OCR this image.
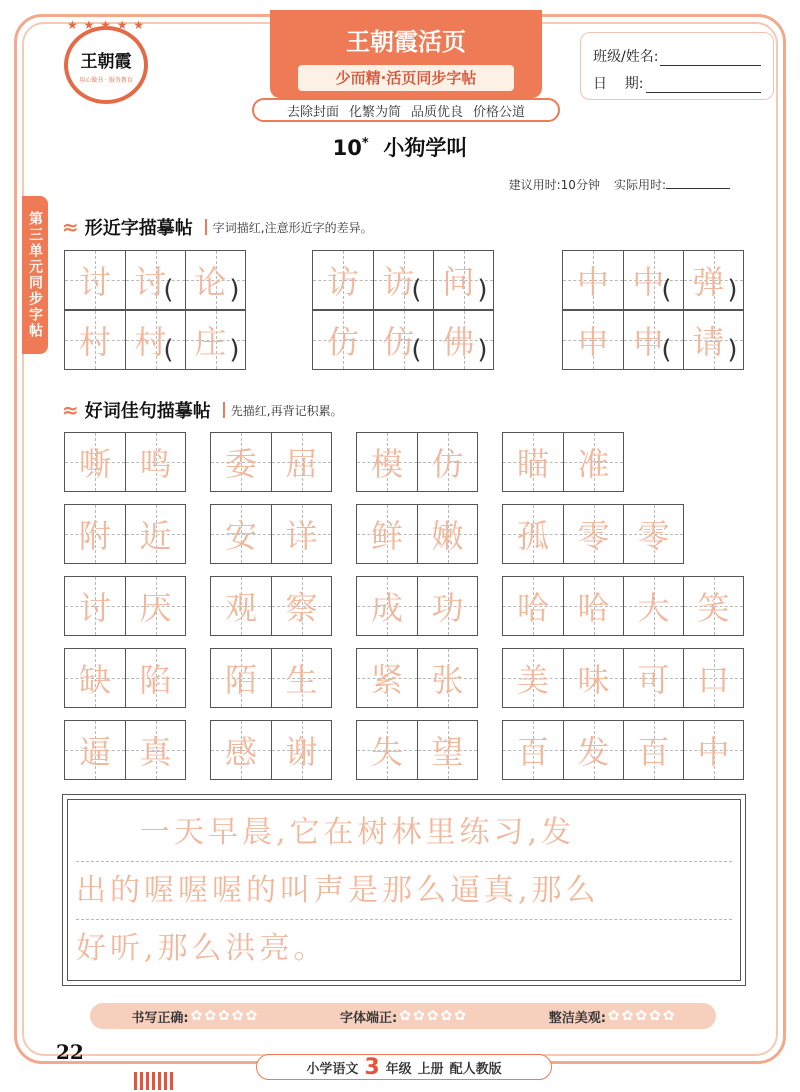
★ ★ ★ ★ ★
王朝霞
用心做书 · 服务教育
王朝霞活页
少而精·活页同步字帖
去除封面 化繁为简 品质优良 价格公道
班级/姓名:
日    期:
10* 小狗学叫
建议用时:10分钟 实际用时:
第三单元同步字帖 ≈ 形近字描摹帖 字词描红,注意形近字的差异。
讨 讨
( 论 )
村 村
( 庄 )
访 访
( 问 )
仿 仿
( 佛 )
中 中
( 弹 )
申 申
( 请 )
≈ 好词佳句描摹帖 先描红,再背记积累。
嘶 鸣 委 屈 模 仿 瞄 准
附 近 安 详 鲜 嫩 孤 零 零
讨 厌 观 察 成 功 哈 哈 大 笑
缺 陷 陌 生 紧 张 美 味 可 口
逼 真 感 谢 失 望 百 发 百 中
一天早晨,它在树林里练习,发
出的喔喔喔的叫声是那么逼真,那么
好听,那么洪亮。
书写正确: ✿ ✿ ✿ ✿ ✿	字体端正: ✿ ✿ ✿ ✿ ✿	整洁美观: ✿ ✿ ✿ ✿ ✿
22
小学语文 3 年级 上册 配人教版
